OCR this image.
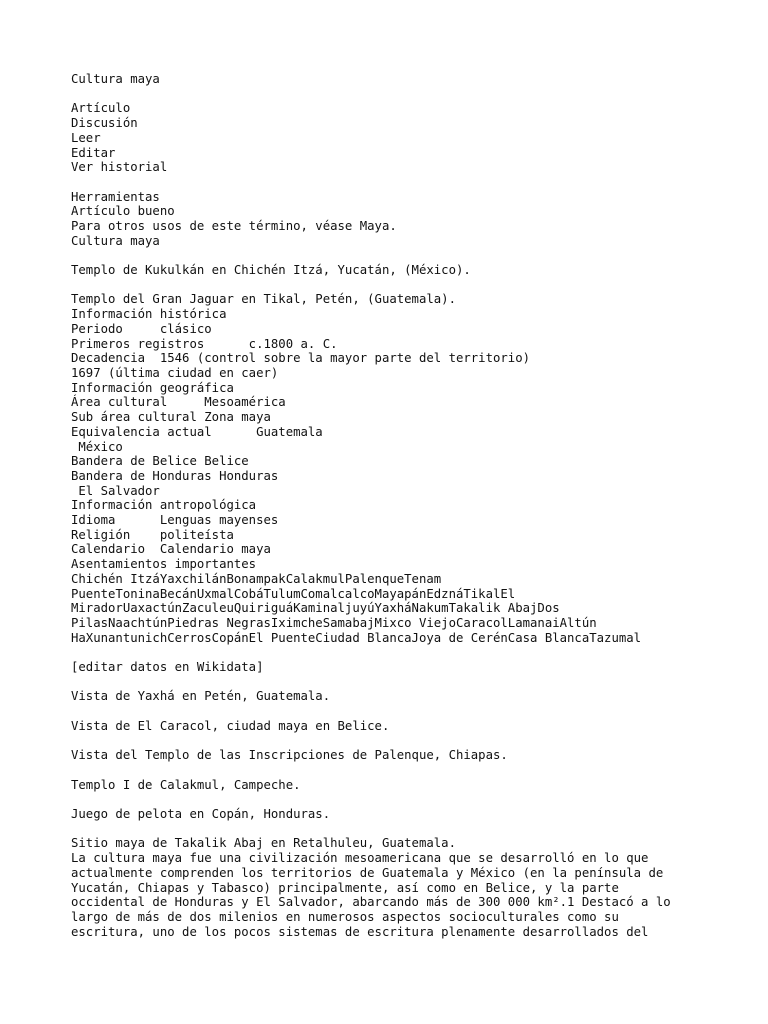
Cultura maya

Artículo

Discusión

Leer

Editar

Ver historial

Herramientas

Artículo bueno

Para otros usos de este término, véase Maya.

Cultura maya

Templo de Kukulkán en Chichén Itzá, Yucatán, (México).

Templo del Gran Jaguar en Tikal, Petén, (Guatemala).

Información histórica

Periodo     clásico

Primeros registros      c.1800 a. C.

Decadencia  1546 (control sobre la mayor parte del territorio)

1697 (última ciudad en caer)

Información geográfica

Área cultural     Mesoamérica

Sub área cultural Zona maya

Equivalencia actual      Guatemala

México

Bandera de Belice Belice

Bandera de Honduras Honduras

El Salvador

Información antropológica

Idioma      Lenguas mayenses

Religión    politeísta

Calendario  Calendario maya

Asentamientos importantes

Chichén ItzáYaxchilánBonampakCalakmulPalenqueTenam

PuenteToninaBecánUxmalCobáTulumComalcalcoMayapánEdznáTikalEl

MiradorUaxactúnZaculeuQuiriguáKaminaljuyúYaxháNakumTakalik AbajDos

PilasNaachtúnPiedras NegrasIximcheSamabajMixco ViejoCaracolLamanaiAltún

HaXunantunichCerrosCopánEl PuenteCiudad BlancaJoya de CerénCasa BlancaTazumal

[editar datos en Wikidata]

Vista de Yaxhá en Petén, Guatemala.

Vista de El Caracol, ciudad maya en Belice.

Vista del Templo de las Inscripciones de Palenque, Chiapas.

Templo I de Calakmul, Campeche.

Juego de pelota en Copán, Honduras.

Sitio maya de Takalik Abaj en Retalhuleu, Guatemala.

La cultura maya fue una civilización mesoamericana que se desarrolló en lo que actualmente comprenden los territorios de Guatemala y México (en la península de Yucatán, Chiapas y Tabasco) principalmente, así como en Belice, y la parte occidental de Honduras y El Salvador, abarcando más de 300 000 km².1 Destacó a lo largo de más de dos milenios en numerosos aspectos socioculturales como su escritura, uno de los pocos sistemas de escritura plenamente desarrollados del
